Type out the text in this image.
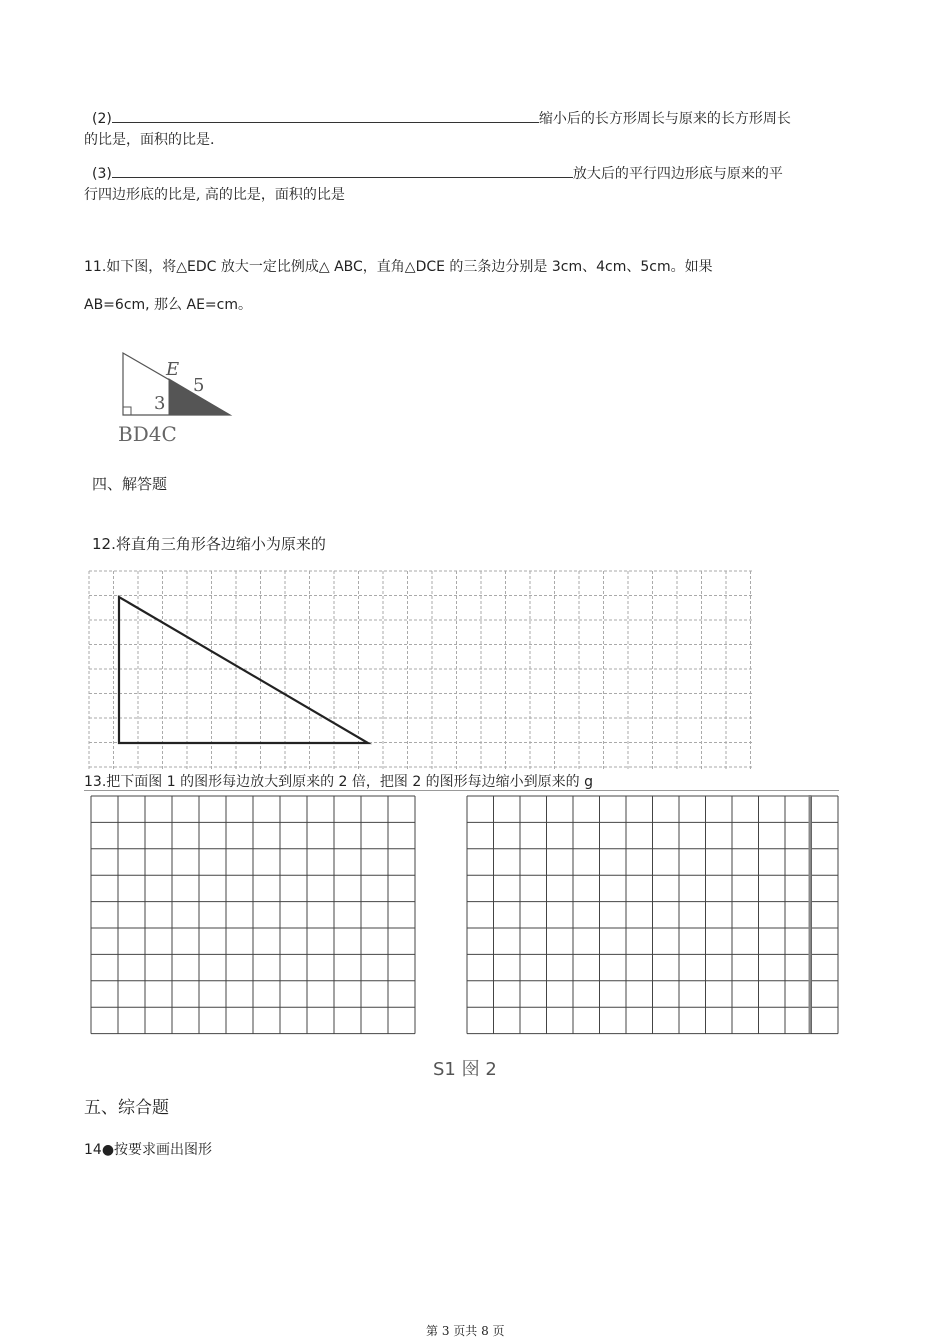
(2)	缩小后的长方形周长与原来的长方形周长
的比是，面积的比是.
(3)	放大后的平行四边形底与原来的平
行四边形底的比是, 高的比是，面积的比是
11.如下图，将△EDC 放大一定比例成△ ABC，直角△DCE 的三条边分别是 3cm、4cm、5cm。如果
AB=6cm, 那么 AE=cm。
E
5
3
BD4C
四、解答题
12.将直角三角形各边缩小为原来的
13.把下面图 1 的图形每边放大到原来的 2 倍，把图 2 的图形每边缩小到原来的 g
S1 囹 2
五、综合题
14●按要求画出图形
第 3 页共 8 页
